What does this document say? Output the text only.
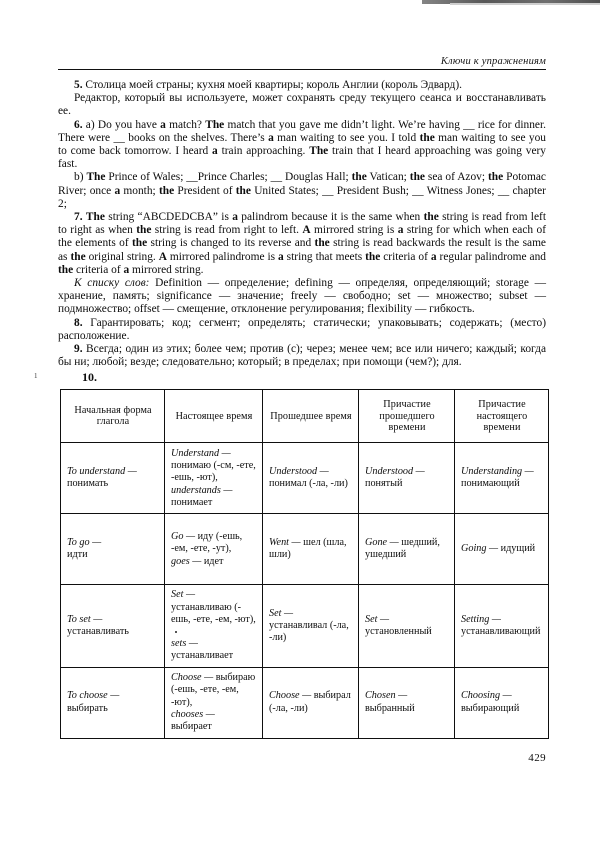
Ключи к упражнениям

5. Столица моей страны; кухня моей квартиры; король Англии (король Эдвард).

Редактор, который вы используете, может сохранять среду текущего сеанса и восстанавливать ее.

6. a) Do you have a match? The match that you gave me didn’t light. We’re having __ rice for dinner. There were __ books on the shelves. There’s a man waiting to see you. I told the man waiting to see you to come back tomorrow. I heard a train approaching. The train that I heard approaching was going very fast.

b) The Prince of Wales; __Prince Charles; __ Douglas Hall; the Vatican; the sea of Azov; the Potomac River; once a month; the President of the United States; __ President Bush; __ Witness Jones; __ chapter 2;

7. The string “ABCDEDCBA” is a palindrom because it is the same when the string is read from left to right as when the string is read from right to left. A mirrored string is a string for which when each of the elements of the string is changed to its reverse and the string is read backwards the result is the same as the original string. A mirrored palindrome is a string that meets the criteria of a regular palindrome and the criteria of a mirrored string.

К списку слов: Definition — определение; defining — определяя, определяющий; storage — хранение, память; significance — значение; freely — свободно; set — множество; subset — подмножество; offset — смещение, отклонение регулирования; flexibility — гибкость.

8. Гарантировать; код; сегмент; определять; статически; упаковывать; содержать; (место) расположение.

9. Всегда; один из этих; более чем; против (с); через; менее чем; все или ничего; каждый; когда бы ни; любой; везде; следовательно; который; в пределах; при помощи (чем?); для.

10.

Начальная форма глагола	Настоящее время	Прошедшее время	Причастие прошедшего времени	Причастие настоящего времени
To understand —
понимать	Understand —
понимаю (-см, -ете, -ешь, -ют),
understands —
понимает	Understood —
понимал (-ла, -ли)	Understood —
понятый	Understanding —
понимающий
To go —
идти	Go — иду (-ешь, -ем, -ете, -ут),
goes — идет	Went — шел (шла, шли)	Gone — шедший, ушедший	Going — идущий
To set —
устанавливать	Set — устанавливаю (-ешь, -ете, -ем, -ют),
sets — устанавливает	Set — устанавливал (-ла, -ли)	Set — установленный	Setting — устанавливающий
To choose —
выбирать	Choose — выбираю (-ешь, -ете, -ем, -ют),
chooses — выбирает	Choose — выбирал (-ла, -ли)	Chosen —
выбранный	Choosing —
выбирающий
1
429
